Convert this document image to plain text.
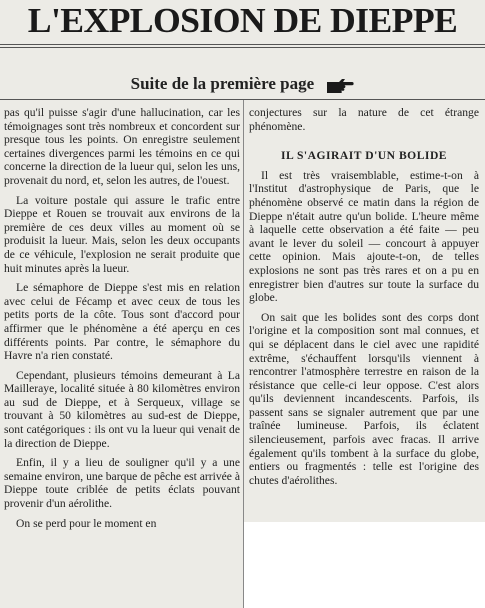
L'EXPLOSION DE DIEPPE
Suite de la première page

pas qu'il puisse s'agir d'une hallucination, car les témoignages sont très nombreux et concordent sur presque tous les points. On enregistre seulement certaines divergences parmi les témoins en ce qui concerne la direction de la lueur qui, selon les uns, provenait du nord, et, selon les autres, de l'ouest.

La voiture postale qui assure le trafic entre Dieppe et Rouen se trouvait aux environs de la première de ces deux villes au moment où se produisit la lueur. Mais, selon les deux occupants de ce véhicule, l'explosion ne serait produite que huit minutes après la lueur.

Le sémaphore de Dieppe s'est mis en relation avec celui de Fécamp et avec ceux de tous les petits ports de la côte. Tous sont d'accord pour affirmer que le phénomène a été aperçu en ces différents points. Par contre, le sémaphore du Havre n'a rien constaté.

Cependant, plusieurs témoins demeurant à La Mailleraye, localité située à 80 kilomètres environ au sud de Dieppe, et à Serqueux, village se trouvant à 50 kilomètres au sud-est de Dieppe, sont catégoriques : ils ont vu la lueur qui venait de la direction de Dieppe.

Enfin, il y a lieu de souligner qu'il y a une semaine environ, une barque de pêche est arrivée à Dieppe toute criblée de petits éclats pouvant provenir d'un aérolithe.

On se perd pour le moment en

conjectures sur la nature de cet étrange phénomène.

IL S'AGIRAIT D'UN BOLIDE

Il est très vraisemblable, estime-t-on à l'Institut d'astrophysique de Paris, que le phénomène observé ce matin dans la région de Dieppe n'était autre qu'un bolide. L'heure même à laquelle cette observation a été faite — peu avant le lever du soleil — concourt à appuyer cette opinion. Mais ajoute-t-on, de telles explosions ne sont pas très rares et on a pu en enregistrer bien d'autres sur toute la surface du globe.

On sait que les bolides sont des corps dont l'origine et la composition sont mal connues, et qui se déplacent dans le ciel avec une rapidité extrême, s'échauffent lorsqu'ils viennent à rencontrer l'atmosphère terrestre en raison de la résistance que celle-ci leur oppose. C'est alors qu'ils deviennent incandescents. Parfois, ils passent sans se signaler autrement que par une traînée lumineuse. Parfois, ils éclatent silencieusement, parfois avec fracas. Il arrive également qu'ils tombent à la surface du globe, entiers ou fragmentés : telle est l'origine des chutes d'aérolithes.
